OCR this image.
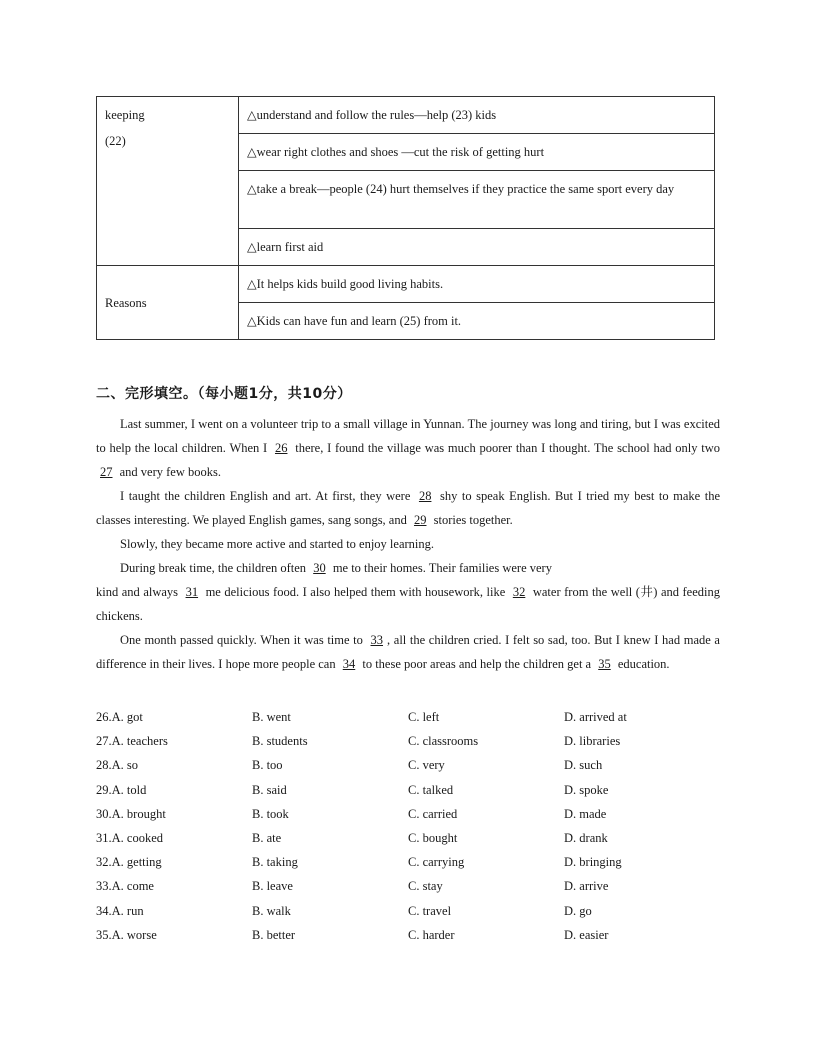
keeping
(22)	△understand and follow the rules—help (23) kids
	△wear right clothes and shoes —cut the risk of getting hurt
	△take a break—people (24) hurt themselves if they practice the same sport every day
	△learn first aid
Reasons	△It helps kids build good living habits.
	△Kids can have fun and learn (25) from it.
二、完形填空。（每小题1分，共10分）

Last summer, I went on a volunteer trip to a small village in Yunnan. The journey was long and tiring, but I was excited to help the local children. When I 26 there, I found the village was much poorer than I thought. The school had only two 27 and very few books.

I taught the children English and art. At first, they were 28 shy to speak English. But I tried my best to make the classes interesting. We played English games, sang songs, and 29 stories together.

Slowly, they became more active and started to enjoy learning.

During break time, the children often 30 me to their homes. Their families were very

kind and always 31 me delicious food. I also helped them with housework, like 32 water from the well (井) and feeding chickens.

One month passed quickly. When it was time to 33 , all the children cried. I felt so sad, too. But I knew I had made a difference in their lives. I hope more people can 34 to these poor areas and help the children get a 35 education.

26.A. got	B. went	C. left	D. arrived at
27.A. teachers	B. students	C. classrooms	D. libraries
28.A. so	B. too	C. very	D. such
29.A. told	B. said	C. talked	D. spoke
30.A. brought	B. took	C. carried	D. made
31.A. cooked	B. ate	C. bought	D. drank
32.A. getting	B. taking	C. carrying	D. bringing
33.A. come	B. leave	C. stay	D. arrive
34.A. run	B. walk	C. travel	D. go
35.A. worse	B. better	C. harder	D. easier
